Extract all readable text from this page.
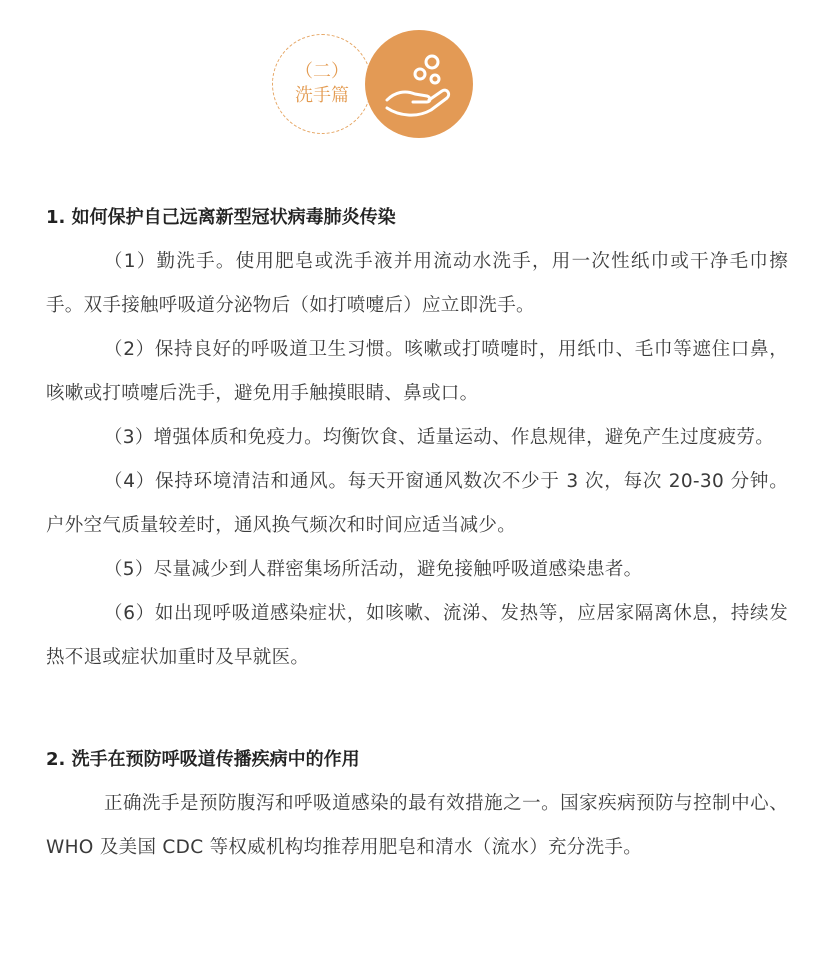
（二）
洗手篇
1. 如何保护自己远离新型冠状病毒肺炎传染

（1）勤洗手。使用肥皂或洗手液并用流动水洗手，用一次性纸巾或干净毛巾擦手。双手接触呼吸道分泌物后（如打喷嚏后）应立即洗手。

（2）保持良好的呼吸道卫生习惯。咳嗽或打喷嚏时，用纸巾、毛巾等遮住口鼻，咳嗽或打喷嚏后洗手，避免用手触摸眼睛、鼻或口。

（3）增强体质和免疫力。均衡饮食、适量运动、作息规律，避免产生过度疲劳。

（4）保持环境清洁和通风。每天开窗通风数次不少于 3 次，每次 20-30 分钟。户外空气质量较差时，通风换气频次和时间应适当减少。

（5）尽量减少到人群密集场所活动，避免接触呼吸道感染患者。

（6）如出现呼吸道感染症状，如咳嗽、流涕、发热等，应居家隔离休息，持续发热不退或症状加重时及早就医。

2. 洗手在预防呼吸道传播疾病中的作用

正确洗手是预防腹泻和呼吸道感染的最有效措施之一。国家疾病预防与控制中心、WHO 及美国 CDC 等权威机构均推荐用肥皂和清水（流水）充分洗手。
